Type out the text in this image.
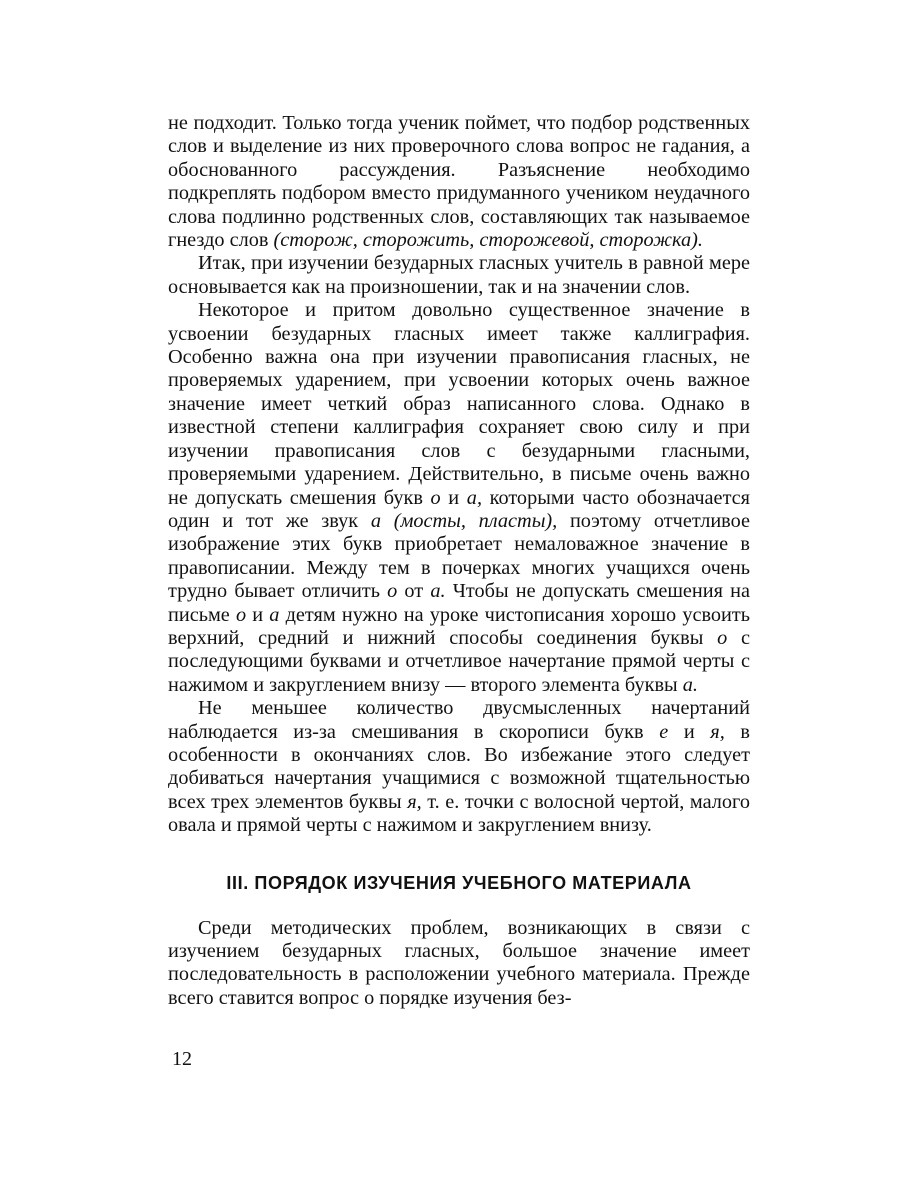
не подходит. Только тогда ученик поймет, что подбор родственных слов и выделение из них проверочного слова вопрос не гадания, а обоснованного рассуждения. Разъяснение необходимо подкреплять подбором вместо придуманного учеником неудачного слова подлинно родственных слов, составляющих так называемое гнездо слов (сторож, сторожить, сторожевой, сторожка).

Итак, при изучении безударных гласных учитель в равной мере основывается как на произношении, так и на значении слов.

Некоторое и притом довольно существенное значение в усвоении безударных гласных имеет также каллиграфия. Особенно важна она при изучении правописания гласных, не проверяемых ударением, при усвоении которых очень важное значение имеет четкий образ написанного слова. Однако в известной степени каллиграфия сохраняет свою силу и при изучении правописания слов с безударными гласными, проверяемыми ударением. Действительно, в письме очень важно не допускать смешения букв о и а, которыми часто обозначается один и тот же звук а (мосты, пласты), поэтому отчетливое изображение этих букв приобретает немаловажное значение в правописании. Между тем в почерках многих учащихся очень трудно бывает отличить о от а. Чтобы не допускать смешения на письме о и а детям нужно на уроке чистописания хорошо усвоить верхний, средний и нижний способы соединения буквы о с последующими буквами и отчетливое начертание прямой черты с нажимом и закруглением внизу — второго элемента буквы а.

Не меньшее количество двусмысленных начертаний наблюдается из-за смешивания в скорописи букв е и я, в особенности в окончаниях слов. Во избежание этого следует добиваться начертания учащимися с возможной тщательностью всех трех элементов буквы я, т. е. точки с волосной чертой, малого овала и прямой черты с нажимом и закруглением внизу.

III. ПОРЯДОК ИЗУЧЕНИЯ УЧЕБНОГО МАТЕРИАЛА

Среди методических проблем, возникающих в связи с изучением безударных гласных, большое значение имеет последовательность в расположении учебного материала. Прежде всего ставится вопрос о порядке изучения без-

12
